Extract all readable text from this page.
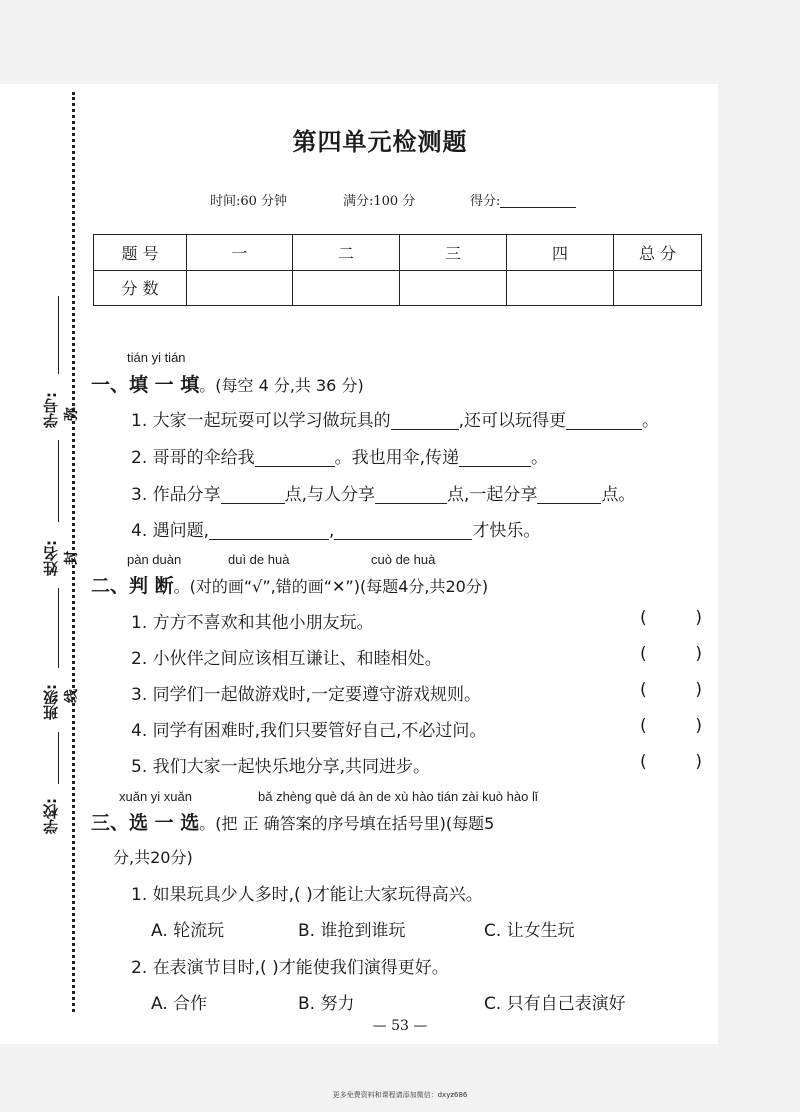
学号:
姓名:
班级:
学校:
弥
封
线
第四单元检测题
时间:60 分钟	满分:100 分	得分:
题 号	一	二	三	四	总 分
分 数					
tián yi tián
一、填 一 填。(每空 4 分,共 36 分)
1. 大家一起玩耍可以学习做玩具的	,还可以玩得更	。
2. 哥哥的伞给我	。我也用伞,传递	。
3. 作品分享	点,与人分享	点,一起分享	点。
4. 遇问题,	,	才快乐。
pàn duàn	duì de huà	cuò de huà
二、判 断。(对的画“√”,错的画“✕”)(每题4分,共20分)
1. 方方不喜欢和其他小朋友玩。	(	)
2. 小伙伴之间应该相互谦让、和睦相处。	(	)
3. 同学们一起做游戏时,一定要遵守游戏规则。	(	)
4. 同学有困难时,我们只要管好自己,不必过问。	(	)
5. 我们大家一起快乐地分享,共同进步。	(	)
xuǎn yi xuǎn	bǎ zhèng què dá àn de xù hào tián zài kuò hào lǐ
三、选 一 选。(把 正 确答案的序号填在括号里)(每题5
分,共20分)
1. 如果玩具少人多时,( )才能让大家玩得高兴。
A. 轮流玩	B. 谁抢到谁玩	C. 让女生玩
2. 在表演节目时,( )才能使我们演得更好。
A. 合作	B. 努力	C. 只有自己表演好
— 53 —
更多免费资料和课程请添加微信：dxyz686
